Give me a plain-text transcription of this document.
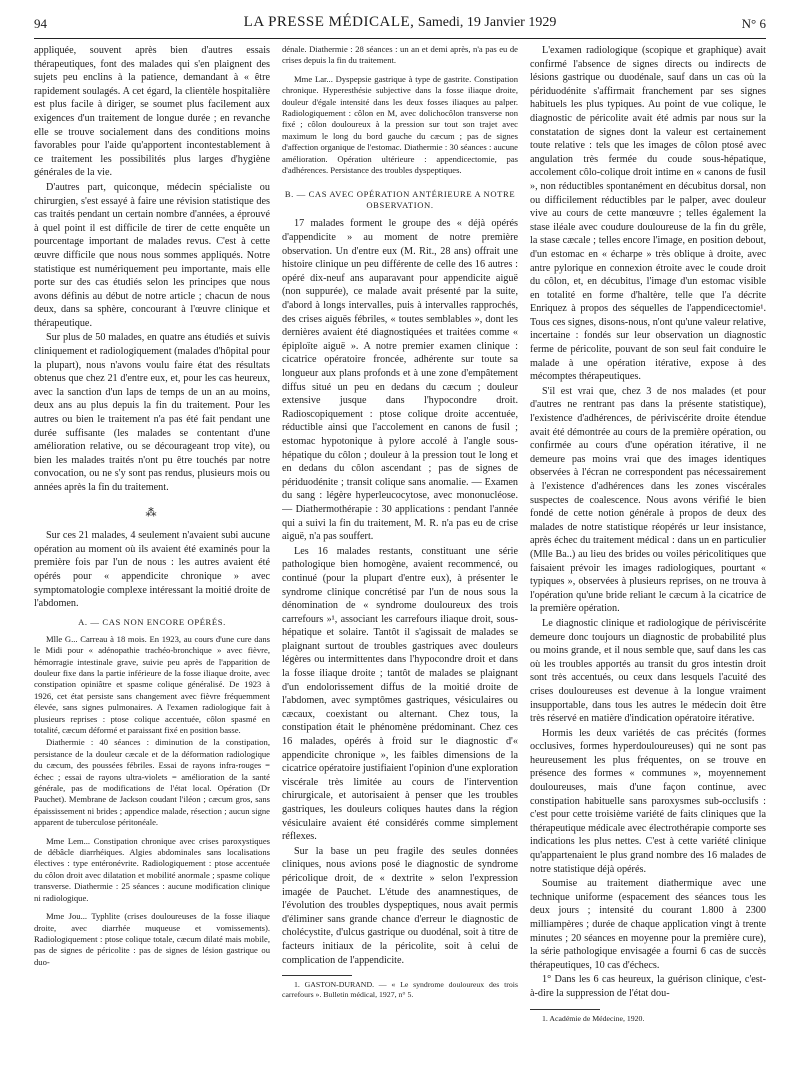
94	LA PRESSE MÉDICALE, Samedi, 19 Janvier 1929	N° 6

appliquée, souvent après bien d'autres essais thérapeutiques, font des malades qui s'en plaignent des sujets peu enclins à la patience, demandant à « être rapidement soulagés. A cet égard, la clientèle hospitalière est plus facile à diriger, se soumet plus facilement aux exigences d'un traitement de longue durée ; en revanche elle se trouve socialement dans des conditions moins favorables pour l'aide qu'apportent incontestablement à ce traitement les possibilités plus larges d'hygiène générales de la vie.

D'autres part, quiconque, médecin spécialiste ou chirurgien, s'est essayé à faire une révision statistique des cas traités pendant un certain nombre d'années, a éprouvé à quel point il est difficile de tirer de cette enquête un pourcentage important de malades revus. C'est à cette œuvre difficile que nous nous sommes appliqués. Notre statistique est numériquement peu importante, mais elle porte sur des cas étudiés selon les principes que nous avons définis au début de notre article ; chacun de nous deux, dans sa sphère, concourant à l'œuvre clinique et thérapeutique.

Sur plus de 50 malades, en quatre ans étudiés et suivis cliniquement et radiologiquement (malades d'hôpital pour la plupart), nous n'avons voulu faire état des résultats obtenus que chez 21 d'entre eux, et, pour les cas heureux, avec la sanction d'un laps de temps de un an au moins, deux ans au plus depuis la fin du traitement. Pour les autres ou bien le traitement n'a pas été fait pendant une durée suffisante (les malades se contentant d'une amélioration relative, ou se décourageant trop vite), ou bien les malades traités n'ont pu être touchés par notre convocation, ou ne s'y sont pas rendus, plusieurs mois ou années après la fin du traitement.

⁂

Sur ces 21 malades, 4 seulement n'avaient subi aucune opération au moment où ils avaient été examinés pour la première fois par l'un de nous : les autres avaient été opérés pour « appendicite chronique » avec symptomatologie complexe intéressant la moitié droite de l'abdomen.

A. — CAS NON ENCORE OPÉRÉS.

Mlle G... Carreau à 18 mois. En 1923, au cours d'une cure dans le Midi pour « adénopathie trachéo-bronchique » avec fièvre, hémorragie intestinale grave, suivie peu après de l'apparition de douleur fixe dans la partie inférieure de la fosse iliaque droite, avec constipation opiniâtre et spasme colique généralisé. De 1923 à 1926, cet état persiste sans changement avec fièvre fréquemment élevée, sans signes pulmonaires. A l'examen radiologique fait à plusieurs reprises : ptose colique accentuée, côlon spasmé en totalité, cæcum déformé et paraissant fixé en position basse.

Diathermie : 40 séances : diminution de la constipation, persistance de la douleur cæcale et de la déformation radiologique du cæcum, des poussées fébriles. Essai de rayons infra-rouges = échec ; essai de rayons ultra-violets = amélioration de la santé générale, pas de modifications de l'état local. Opération (Dr Pauchet). Membrane de Jackson coudant l'iléon ; cæcum gros, sans épaississement ni brides ; appendice malade, résection ; aucun signe apparent de tuberculose péritonéale.

Mme Lem... Constipation chronique avec crises paroxystiques de débâcle diarrhéiques. Algies abdominales sans localisations électives : type entéronévrite. Radiologiquement : ptose accentuée du côlon droit avec dilatation et mobilité anormale ; spasme colique transverse. Diathermie : 25 séances : aucune modification clinique ni radiologique.

Mme Jou... Typhlite (crises douloureuses de la fosse iliaque droite, avec diarrhée muqueuse et vomissements). Radiologiquement : ptose colique totale, cæcum dilaté mais mobile, pas de signes de péricolite : pas de signes de lésion gastrique ou duo-

dénale. Diathermie : 28 séances : un an et demi après, n'a pas eu de crises depuis la fin du traitement.

Mme Lar... Dyspepsie gastrique à type de gastrite. Constipation chronique. Hyperesthésie subjective dans la fosse iliaque droite, douleur d'égale intensité dans les deux fosses iliaques au palper. Radiologiquement : côlon en M, avec dolichocôlon transverse non fixé ; côlon douloureux à la pression sur tout son trajet avec maximum le long du bord gauche du cæcum ; pas de signes d'affection organique de l'estomac. Diathermie : 30 séances : aucune amélioration. Opération ultérieure : appendicectomie, pas d'adhérences. Persistance des troubles dyspeptiques.

B. — CAS AVEC OPÉRATION ANTÉRIEURE A NOTRE OBSERVATION.

17 malades forment le groupe des « déjà opérés d'appendicite » au moment de notre première observation. Un d'entre eux (M. Rit., 28 ans) offrait une histoire clinique un peu différente de celle des 16 autres : opéré dix-neuf ans auparavant pour appendicite aiguë (non suppurée), ce malade avait présenté par la suite, d'abord à longs intervalles, puis à intervalles rapprochés, des crises aiguës fébriles, « toutes semblables », dont les dernières avaient été diagnostiquées et traitées comme « épiploïte aiguë ». A notre premier examen clinique : cicatrice opératoire froncée, adhérente sur toute sa longueur aux plans profonds et à une zone d'empâtement diffus situé un peu en dedans du cæcum ; douleur extensive jusque dans l'hypocondre droit. Radioscopiquement : ptose colique droite accentuée, réductible ainsi que l'accolement en canons de fusil ; estomac hypotonique à pylore accolé à l'angle sous-hépatique du côlon ; douleur à la pression tout le long et en dedans du côlon ascendant ; pas de signes de périduodénite ; transit colique sans anomalie. — Examen du sang : légère hyperleucocytose, avec mononucléose. — Diathermothérapie : 30 applications : pendant l'année qui a suivi la fin du traitement, M. R. n'a pas eu de crise aiguë, n'a pas souffert.

Les 16 malades restants, constituant une série pathologique bien homogène, avaient recommencé, ou continué (pour la plupart d'entre eux), à présenter le syndrome clinique concrétisé par l'un de nous sous la dénomination de « syndrome douloureux des trois carrefours »¹, associant les carrefours iliaque droit, sous-hépatique et solaire. Tantôt il s'agissait de malades se plaignant surtout de troubles gastriques avec douleurs légères ou intermittentes dans l'hypocondre droit et dans la fosse iliaque droite ; tantôt de malades se plaignant d'un endolorissement diffus de la moitié droite de l'abdomen, avec symptômes gastriques, vésiculaires ou cæcaux, coexistant ou alternant. Chez tous, la constipation était le phénomène prédominant. Chez ces 16 malades, opérés à froid sur le diagnostic d'« appendicite chronique », les faibles dimensions de la cicatrice opératoire justifiaient l'opinion d'une exploration viscérale très limitée au cours de l'intervention chirurgicale, et autorisaient à penser que les troubles gastriques, les douleurs coliques hautes dans la région vésiculaire avaient été considérés comme simplement réflexes.

Sur la base un peu fragile des seules données cliniques, nous avions posé le diagnostic de syndrome péricolique droit, de « dextrite » selon l'expression imagée de Pauchet. L'étude des anamnestiques, de l'évolution des troubles dyspeptiques, nous avait permis d'éliminer sans grande chance d'erreur le diagnostic de cholécystite, d'ulcus gastrique ou duodénal, soit à titre de facteurs initiaux de la péricolite, soit à celui de complication de l'appendicite.

1. GASTON-DURAND. — « Le syndrome douloureux des trois carrefours ». Bulletin médical, 1927, n° 5.

L'examen radiologique (scopique et graphique) avait confirmé l'absence de signes directs ou indirects de lésions gastrique ou duodénale, sauf dans un cas où la périduodénite s'affirmait franchement par ses signes habituels les plus typiques. Au point de vue colique, le diagnostic de péricolite avait été admis par nous sur la constatation de signes dont la valeur est certainement toute relative : tels que les images de côlon ptosé avec angulation très fermée du coude sous-hépatique, accolement côlo-colique droit intime en « canons de fusil », non réductibles spontanément en décubitus dorsal, non ou difficilement réductibles par le palper, avec douleur vive au cours de cette manœuvre ; telles également la stase iléale avec coudure douloureuse de la fin du grêle, la stase cæcale ; telles encore l'image, en position debout, d'un estomac en « écharpe » très oblique à droite, avec antre pylorique en connexion étroite avec le coude droit du côlon, et, en décubitus, l'image d'un estomac visible en totalité en forme d'haltère, telle que l'a décrite Enriquez à propos des séquelles de l'appendicectomie¹. Tous ces signes, disons-nous, n'ont qu'une valeur relative, incertaine : fondés sur leur observation un diagnostic ferme de péricolite, pouvant de son seul fait conduire le malade à une opération itérative, expose à des mécomptes thérapeutiques.

S'il est vrai que, chez 3 de nos malades (et pour d'autres ne rentrant pas dans la présente statistique), l'existence d'adhérences, de périviscérite droite étendue avait été démontrée au cours de la première opération, ou confirmée au cours d'une opération itérative, il ne demeure pas moins vrai que des images identiques observées à l'écran ne correspondent pas nécessairement à l'existence d'adhérences dans les zones viscérales suspectes de coalescence. Nous avons vérifié le bien fondé de cette notion générale à propos de deux des malades de notre statistique réopérés ur leur insistance, après échec du traitement médical : dans un en particulier (Mlle Ba..) au lieu des brides ou voiles péricolitiques que faisaient prévoir les images radiologiques, pourtant « typiques », observées à plusieurs reprises, on ne trouva à l'opération qu'une bride reliant le cæcum à la cicatrice de la première opération.

Le diagnostic clinique et radiologique de périviscérite demeure donc toujours un diagnostic de probabilité plus ou moins grande, et il nous semble que, sauf dans les cas où les troubles apportés au transit du gros intestin droit sont très accentués, ou ceux dans lesquels l'acuité des crises douloureuses est devenue à la longue vraiment insupportable, dans tous les autres le médecin doit être très réservé en matière d'indication opératoire itérative.

Hormis les deux variétés de cas précités (formes occlusives, formes hyperdouloureuses) qui ne sont pas heureusement les plus fréquentes, on se trouve en présence des formes « communes », moyennement douloureuses, mais d'une façon continue, avec constipation habituelle sans paroxysmes sub-occlusifs : c'est pour cette troisième variété de faits cliniques que la thérapeutique médicale avec électrothérapie comporte ses indications les plus nettes. C'est à cette variété clinique qu'appartenaient le plus grand nombre des 16 malades de notre statistique déjà opérés.

Soumise au traitement diathermique avec une technique uniforme (espacement des séances tous les deux jours ; intensité du courant 1.800 à 2300 milliampères ; durée de chaque application vingt à trente minutes ; 20 séances en moyenne pour la première cure), la série pathologique envisagée a fourni 6 cas de succès thérapeutiques, 10 cas d'échecs.

1° Dans les 6 cas heureux, la guérison clinique, c'est-à-dire la suppression de l'état dou-

1. Académie de Médecine, 1920.
